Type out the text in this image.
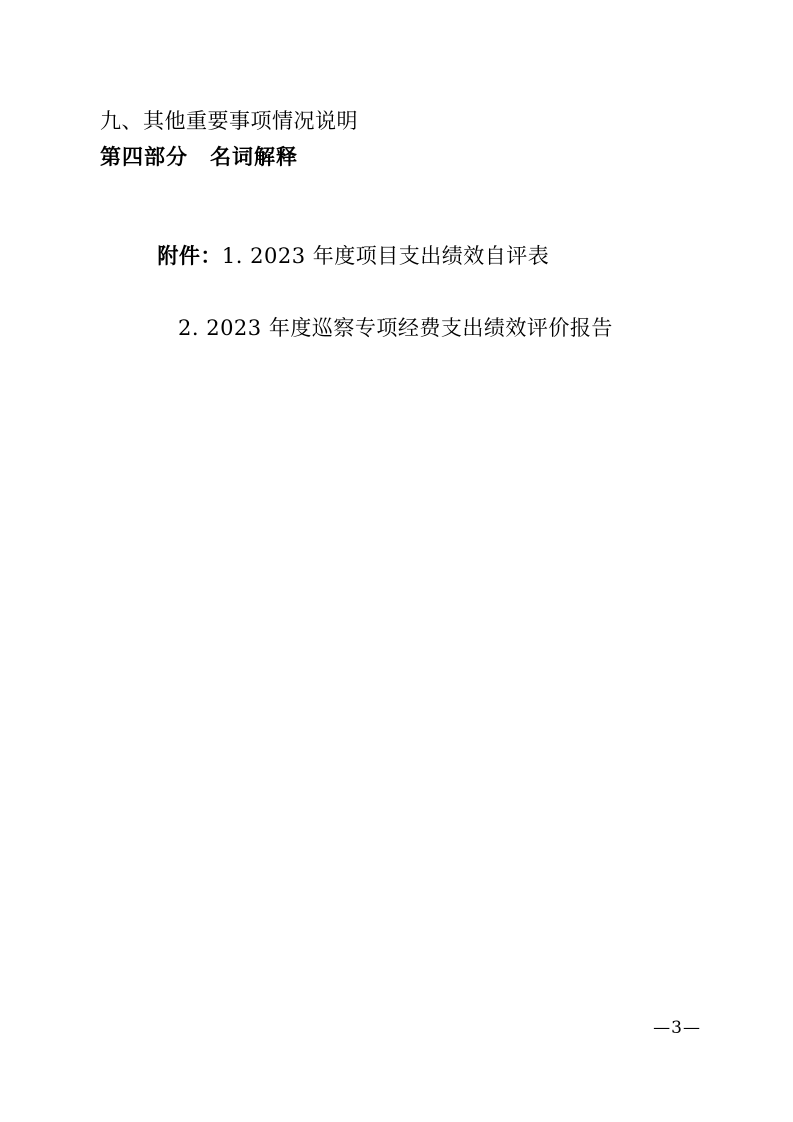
九、其他重要事项情况说明
第四部分　名词解释

附件：1. 2023 年度项目支出绩效自评表

2. 2023 年度巡察专项经费支出绩效评价报告
—3—
